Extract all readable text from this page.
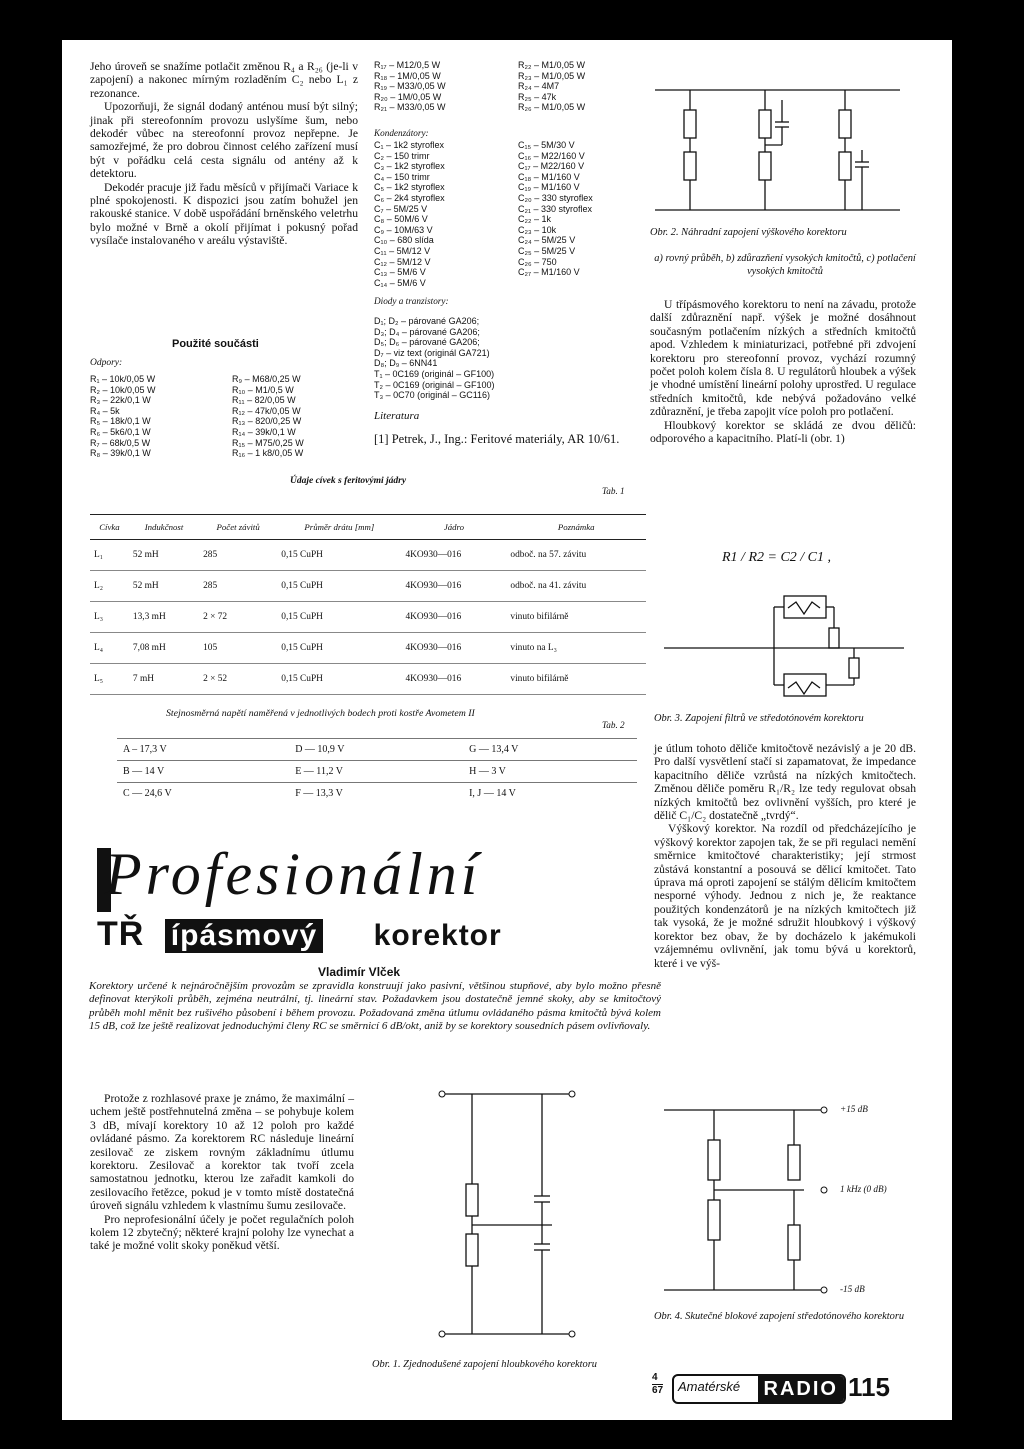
Jeho úroveň se snažíme potlačit změnou R₄ a R₂₆ (je-li v zapojení) a nakonec mírným rozladěním C₂ nebo L₁ z rezonance.

Upozorňuji, že signál dodaný anténou musí být silný; jinak při stereofonním provozu uslyšíme šum, nebo dekodér vůbec na stereofonní provoz nepřepne. Je samozřejmé, že pro dobrou činnost celého zařízení musí být v pořádku celá cesta signálu od antény až k detektoru.

Dekodér pracuje již řadu měsíců v přijímači Variace k plné spokojenosti. K dispozici jsou zatím bohužel jen rakouské stanice. V době uspořádání brněnského veletrhu bylo možné v Brně a okolí přijímat i pokusný pořad vysílače instalovaného v areálu výstaviště.

Použité součásti
Odpory:
R₁ – 10k/0,05 W
R₂ – 10k/0,05 W
R₃ – 22k/0,1 W
R₄ – 5k
R₅ – 18k/0,1 W
R₆ – 5k6/0,1 W
R₇ – 68k/0,5 W
R₈ – 39k/0,1 W
R₉ – M68/0,25 W
R₁₀ – M1/0,5 W
R₁₁ – 82/0,05 W
R₁₂ – 47k/0,05 W
R₁₃ – 820/0,25 W
R₁₄ – 39k/0,1 W
R₁₅ – M75/0,25 W
R₁₆ – 1 k8/0,05 W
R₁₇ – M12/0,5 W
R₁₈ – 1M/0,05 W
R₁₉ – M33/0,05 W
R₂₀ – 1M/0,05 W
R₂₁ – M33/0,05 W
R₂₂ – M1/0,05 W
R₂₃ – M1/0,05 W
R₂₄ – 4M7
R₂₅ – 47k
R₂₆ – M1/0,05 W
Kondenzátory:
C₁ – 1k2 styroflex
C₂ – 150 trimr
C₃ – 1k2 styroflex
C₄ – 150 trimr
C₅ – 1k2 styroflex
C₆ – 2k4 styroflex
C₇ – 5M/25 V
C₈ – 50M/6 V
C₉ – 10M/63 V
C₁₀ – 680 slída
C₁₁ – 5M/12 V
C₁₂ – 5M/12 V
C₁₃ – 5M/6 V
C₁₄ – 5M/6 V
C₁₅ – 5M/30 V
C₁₆ – M22/160 V
C₁₇ – M22/160 V
C₁₈ – M1/160 V
C₁₉ – M1/160 V
C₂₀ – 330 styroflex
C₂₁ – 330 styroflex
C₂₂ – 1k
C₂₃ – 10k
C₂₄ – 5M/25 V
C₂₅ – 5M/25 V
C₂₆ – 750
C₂₇ – M1/160 V
Diody a tranzistory:
D₁; D₂ – párované GA206;
D₃; D₄ – párované GA206;
D₅; D₆ – párované GA206;
D₇ – viz text (originál GA721)
D₈; D₉ – 6NN41
T₁ – 0C169 (originál – GF100)
T₂ – 0C169 (originál – GF100)
T₃ – 0C70 (originál – GC116)
Literatura
[1] Petrek, J., Ing.: Feritové materiály, AR 10/61.
Údaje cívek s feritovými jádry
Tab. 1
Cívka	Indukčnost	Počet závitů	Průměr drátu [mm]	Jádro	Poznámka
L₁	52 mH	285	0,15 CuPH	4KO930—016	odboč. na 57. závitu
L₂	52 mH	285	0,15 CuPH	4KO930—016	odboč. na 41. závitu
L₃	13,3 mH	2 × 72	0,15 CuPH	4KO930—016	vinuto bifilárně
L₄	7,08 mH	105	0,15 CuPH	4KO930—016	vinuto na L₃
L₅	7 mH	2 × 52	0,15 CuPH	4KO930—016	vinuto bifilárně
Stejnosměrná napětí naměřená v jednotlivých bodech proti kostře Avometem II
Tab. 2
A – 17,3 V	D — 10,9 V	G — 13,4 V
B — 14 V	E — 11,2 V	H — 3 V
C — 24,6 V	F — 13,3 V	I, J — 14 V
Profesionální
TŘ ípásmový korektor
Vladimír Vlček
Korektory určené k nejnáročnějším provozům se zpravidla konstruují jako pasivní, většinou stupňové, aby bylo možno přesně definovat kterýkoli průběh, zejména neutrální, tj. lineární stav. Požadavkem jsou dostatečně jemné skoky, aby se kmitočtový průběh mohl měnit bez rušivého působení i během provozu. Požadovaná změna útlumu ovládaného pásma kmitočtů bývá kolem 15 dB, což lze ještě realizovat jednoduchými členy RC se směrnicí 6 dB/okt, aniž by se korektory sousedních pásem ovlivňovaly.

Protože z rozhlasové praxe je známo, že maximální – uchem ještě postřehnutelná změna – se pohybuje kolem 3 dB, mívají korektory 10 až 12 poloh pro každé ovládané pásmo. Za korektorem RC následuje lineární zesilovač ze ziskem rovným základnímu útlumu korektoru. Zesilovač a korektor tak tvoří zcela samostatnou jednotku, kterou lze zařadit kamkoli do zesilovacího řetězce, pokud je v tomto místě dostatečná úroveň signálu vzhledem k vlastnímu šumu zesilovače.

Pro neprofesionální účely je počet regulačních poloh kolem 12 zbytečný; některé krajní polohy lze vynechat a také je možné volit skoky poněkud větší.

Obr. 1. Zjednodušené zapojení hloubkového korektoru
Obr. 2. Náhradní zapojení výškového korektoru
a) rovný průběh, b) zdůrazňení vysokých kmitočtů, c) potlačení vysokých kmitočtů

U třípásmového korektoru to není na závadu, protože další zdůraznění např. výšek je možné dosáhnout současným potlačením nízkých a středních kmitočtů apod. Vzhledem k miniaturizaci, potřebné při zdvojení korektoru pro stereofonní provoz, vychází rozumný počet poloh kolem čísla 8. U regulátorů hloubek a výšek je vhodné umístění lineární polohy uprostřed. U regulace středních kmitočtů, kde nebývá požadováno velké zdůraznění, je třeba zapojit více poloh pro potlačení.

Hloubkový korektor se skládá ze dvou děličů: odporového a kapacitního. Platí-li (obr. 1)

R1 / R2 = C2 / C1 ,
Obr. 3. Zapojení filtrů ve středotónovém korektoru

je útlum tohoto děliče kmitočtově nezávislý a je 20 dB. Pro další vysvětlení stačí si zapamatovat, že impedance kapacitního děliče vzrůstá na nízkých kmitočtech. Změnou děliče poměru R₁/R₂ lze tedy regulovat obsah nízkých kmitočtů bez ovlivnění vyšších, pro které je dělič C₁/C₂ dostatečně „tvrdý“.

Výškový korektor. Na rozdíl od předcházejícího je výškový korektor zapojen tak, že se při regulaci nemění směrnice kmitočtové charakteristiky; její strmost zůstává konstantní a posouvá se dělicí kmitočet. Tato úprava má oproti zapojení se stálým dělicím kmitočtem nesporné výhody. Jednou z nich je, že reaktance použitých kondenzátorů je na nízkých kmitočtech již tak vysoká, že je možné sdružit hloubkový i výškový korektor bez obav, že by docházelo k jakémukoli vzájemnému ovlivnění, jak tomu bývá u korektorů, které i ve výš-

+15 dB
1 kHz (0 dB)
-15 dB
Obr. 4. Skutečné blokové zapojení středotónového korektoru
4
67 Amatérské	RADIO 115
